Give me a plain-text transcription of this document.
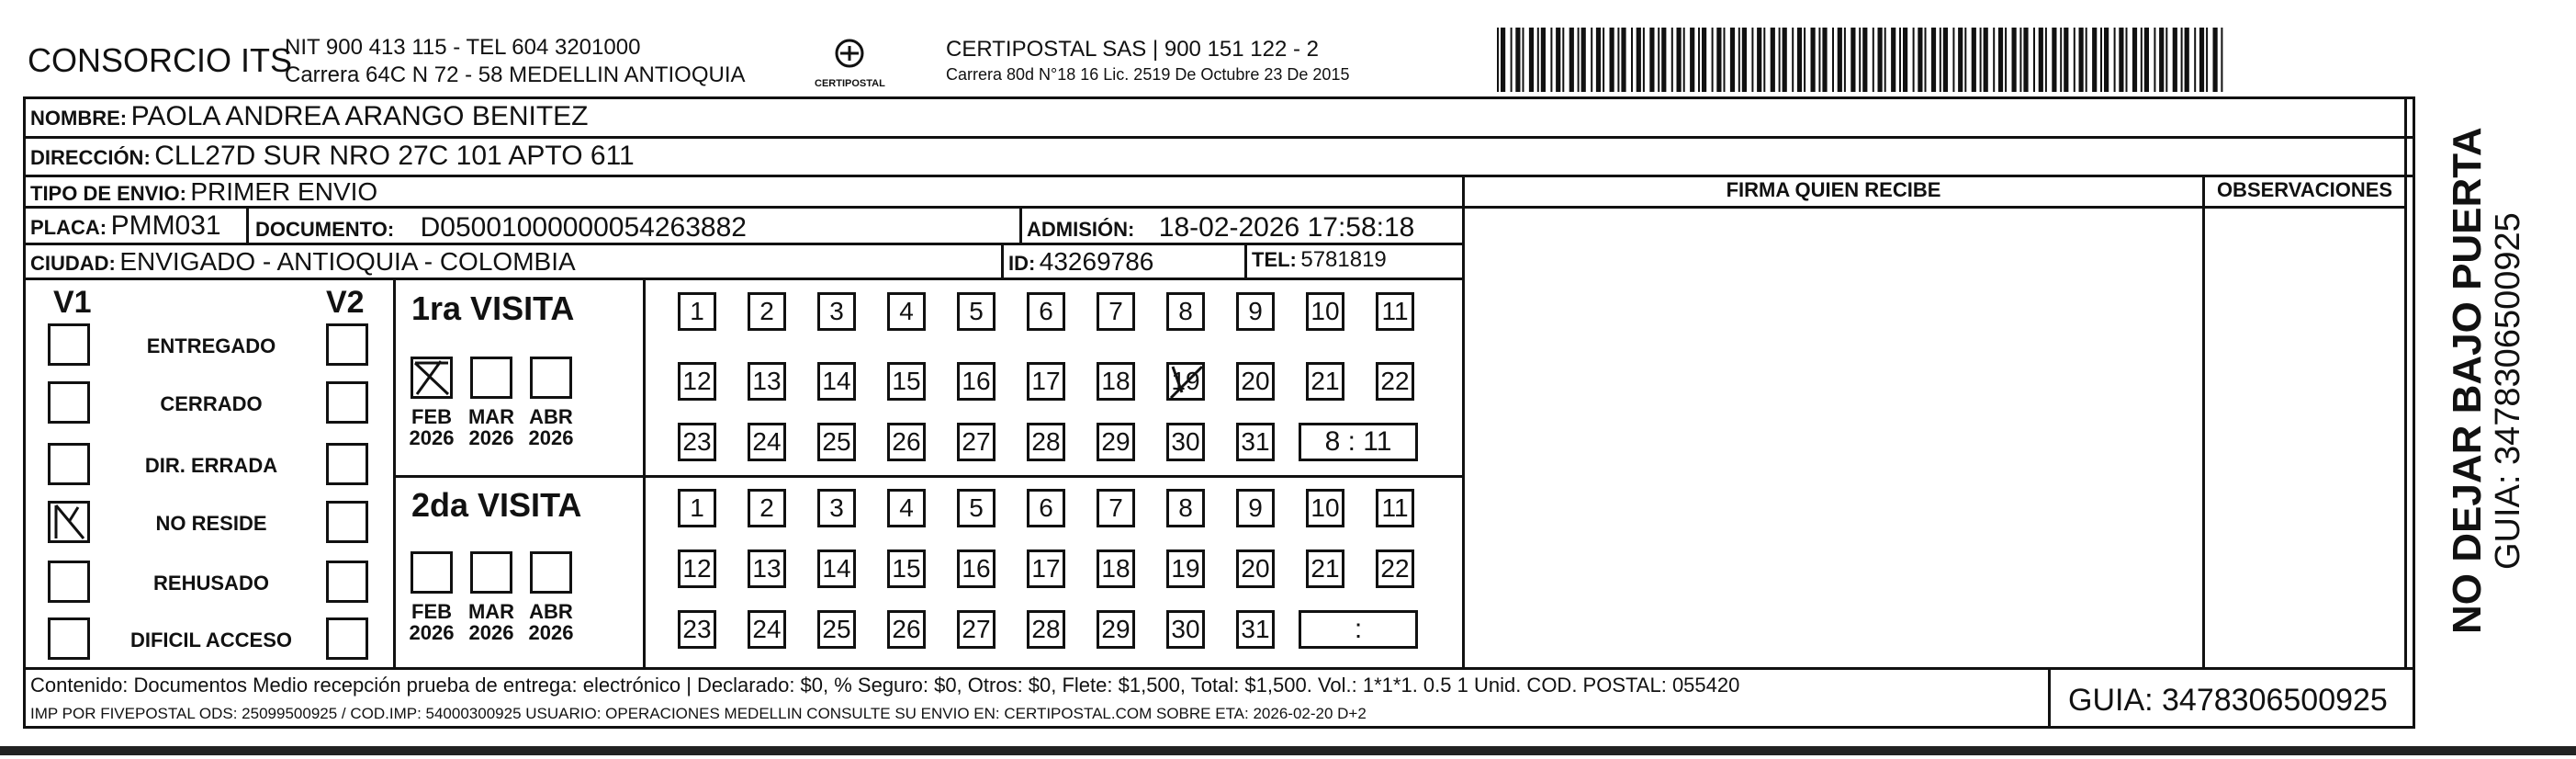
CONSORCIO ITS
NIT 900 413 115 - TEL 604 3201000
Carrera 64C N 72 - 58 MEDELLIN ANTIOQUIA	CERTIPOSTAL
CERTIPOSTAL SAS | 900 151 122 - 2
Carrera 80d N°18 16 Lic. 2519 De Octubre 23 De 2015
NOMBRE: PAOLA ANDREA ARANGO BENITEZ
DIRECCIÓN: CLL27D SUR NRO 27C 101 APTO 611
TIPO DE ENVIO: PRIMER ENVIO
PLACA: PMM031 DOCUMENTO: D05001000000054263882	ADMISIÓN: 18-02-2026 17:58:18
CIUDAD: ENVIGADO - ANTIOQUIA - COLOMBIA	ID: 43269786	TEL: 5781819
FIRMA QUIEN RECIBE	OBSERVACIONES NO DEJAR BAJO PUERTA GUIA: 3478306500925
V1	V2
ENTREGADO
CERRADO
DIR. ERRADA
NO RESIDE
REHUSADO
DIFICIL ACCESO
1ra VISITA
2da VISITA
FEB
2026
MAR
2026
ABR
2026
FEB
2026
MAR
2026
ABR
2026
1 2 3 4 5 6 7 8 9 10 11
12 13 14 15 16 17 18 19 20 21 22
23 24 25 26 27 28 29 30 31 8 : 11
1 2 3 4 5 6 7 8 9 10 11
12 13 14 15 16 17 18 19 20 21 22
23 24 25 26 27 28 29 30 31	:
Contenido: Documentos Medio recepción prueba de entrega: electrónico | Declarado: $0, % Seguro: $0, Otros: $0, Flete: $1,500, Total: $1,500. Vol.: 1*1*1. 0.5 1 Unid. COD. POSTAL: 055420
IMP POR FIVEPOSTAL ODS: 25099500925 / COD.IMP: 54000300925 USUARIO: OPERACIONES MEDELLIN CONSULTE SU ENVIO EN: CERTIPOSTAL.COM SOBRE ETA: 2026-02-20 D+2	GUIA: 3478306500925
